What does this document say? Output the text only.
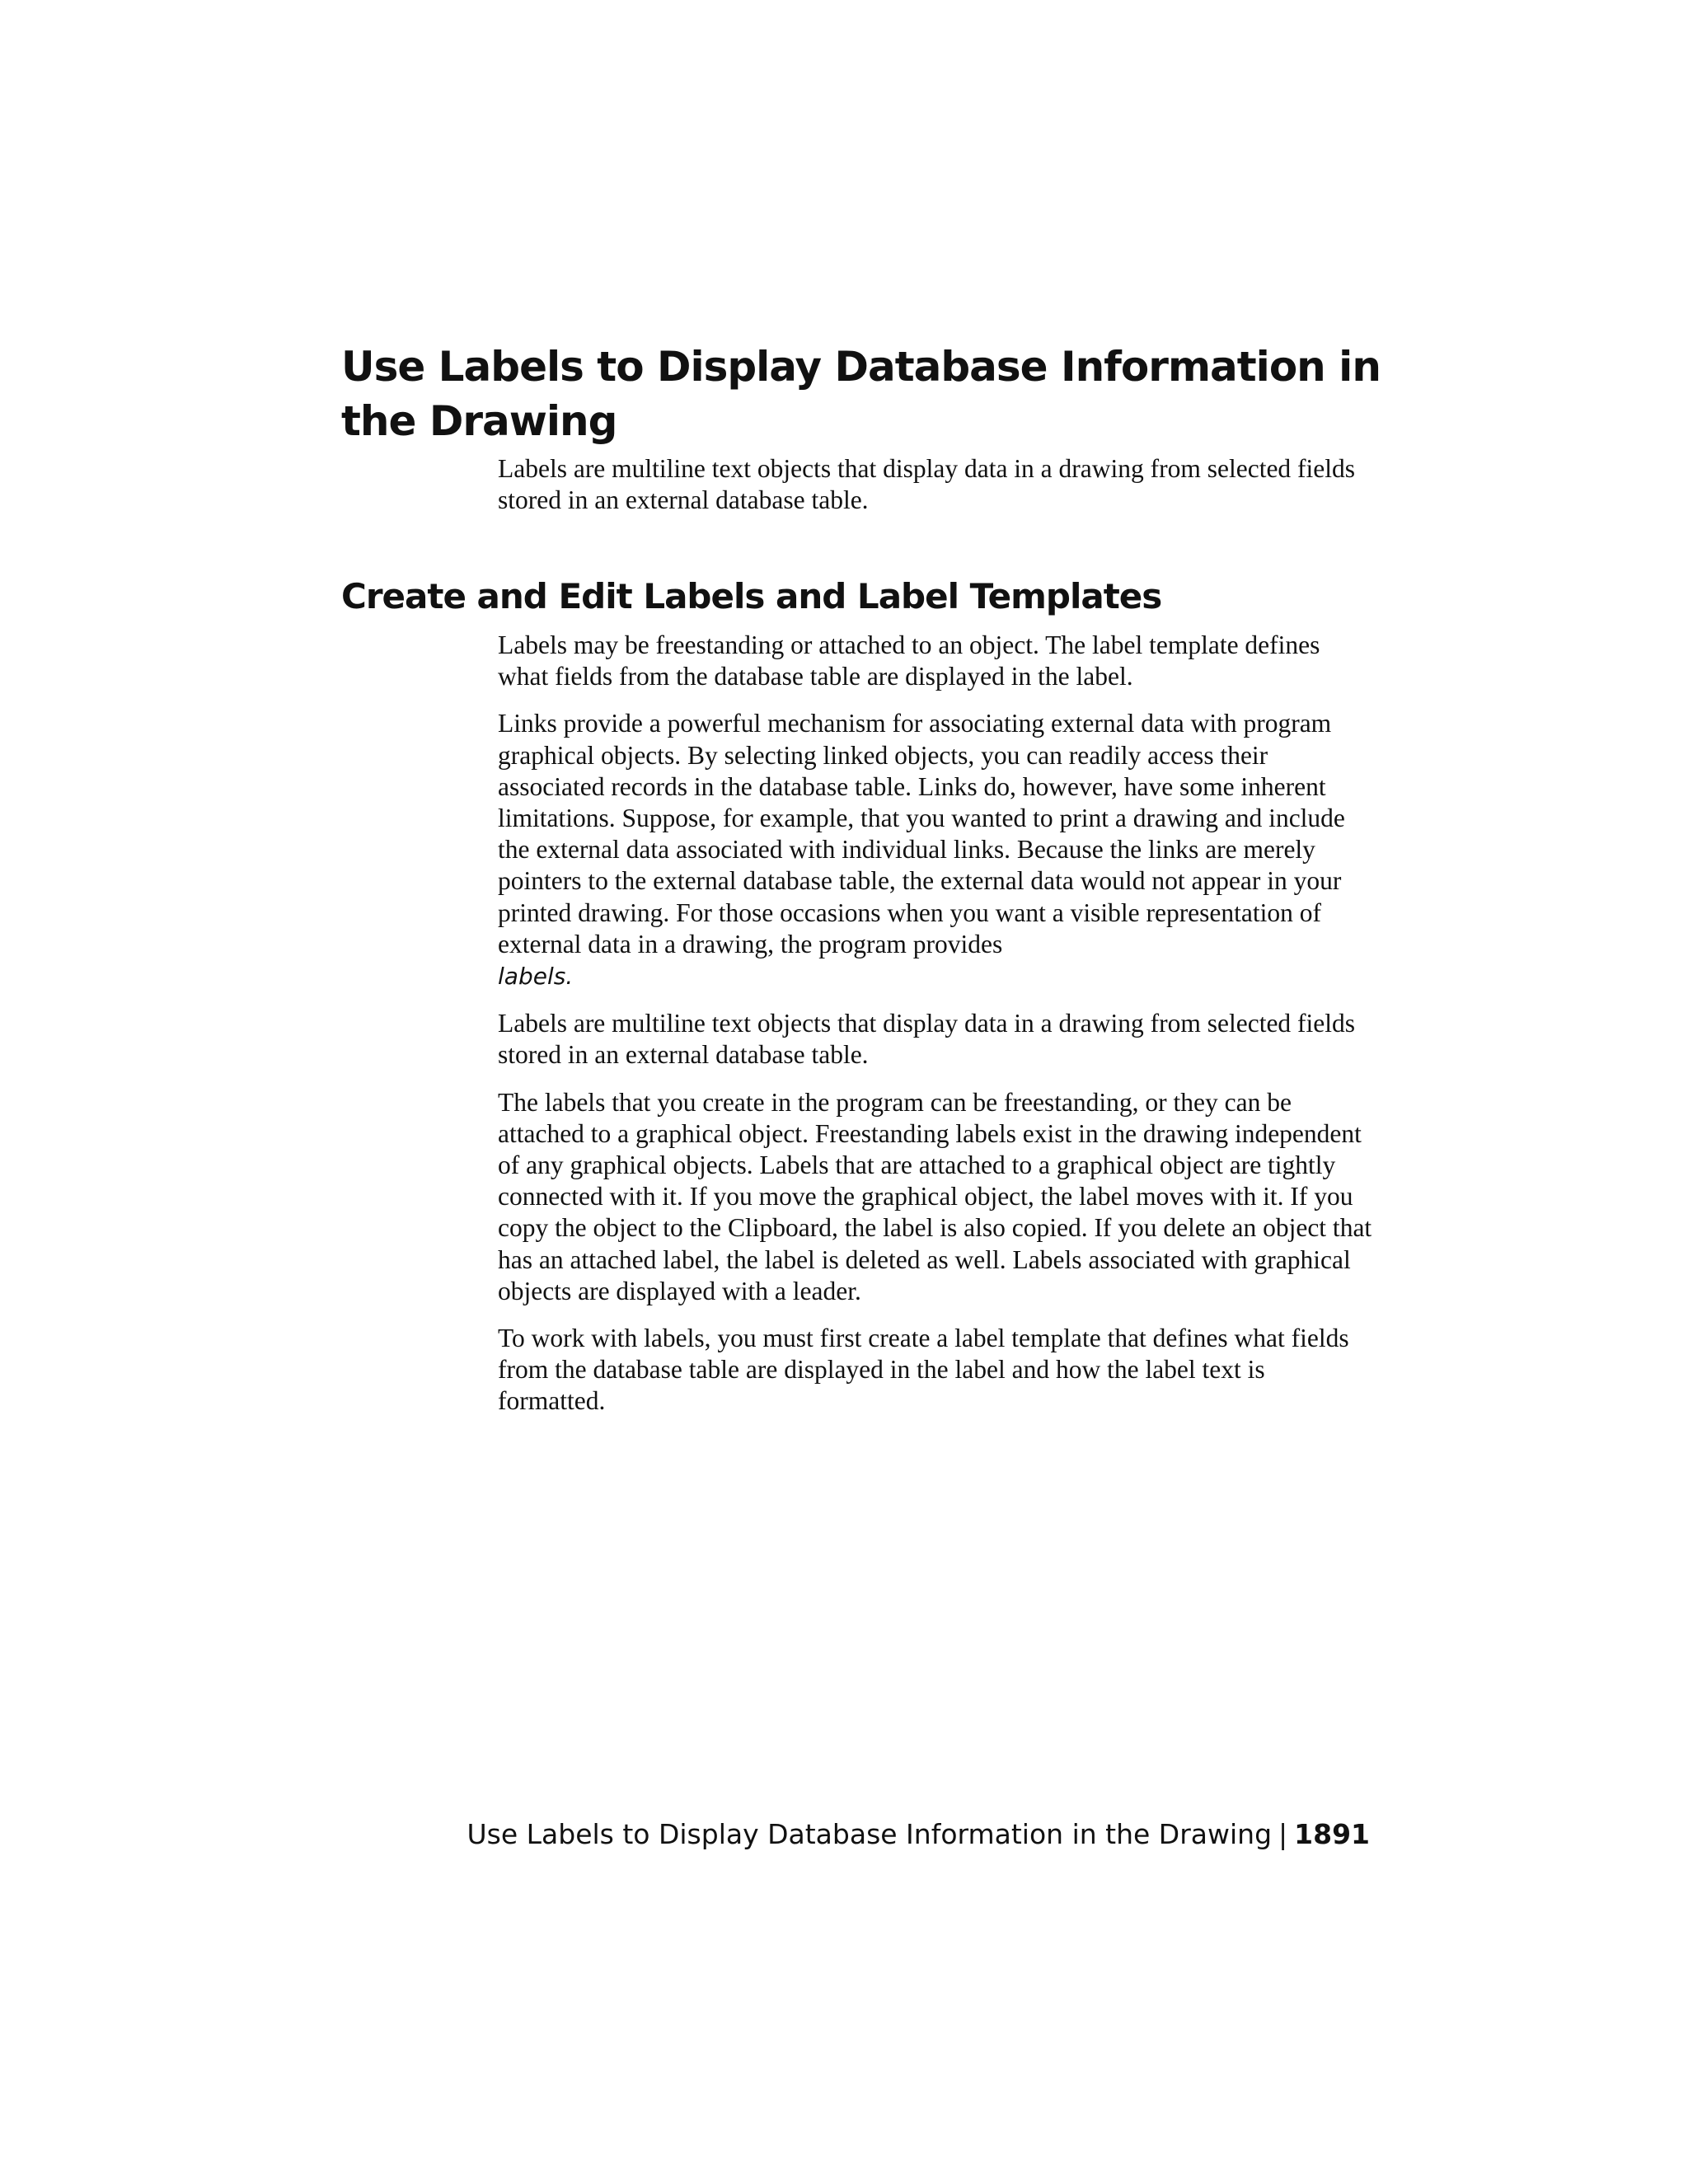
Use Labels to Display Database Information in the Drawing

Labels are multiline text objects that display data in a drawing from selected fields stored in an external database table.

Create and Edit Labels and Label Templates

Labels may be freestanding or attached to an object. The label template defines what fields from the database table are displayed in the label.

Links provide a powerful mechanism for associating external data with program graphical objects. By selecting linked objects, you can readily access their associated records in the database table. Links do, however, have some inherent limitations. Suppose, for example, that you wanted to print a drawing and include the external data associated with individual links. Because the links are merely pointers to the external database table, the external data would not appear in your printed drawing. For those occasions when you want a visible representation of external data in a drawing, the program provides
labels.

Labels are multiline text objects that display data in a drawing from selected fields stored in an external database table.

The labels that you create in the program can be freestanding, or they can be attached to a graphical object. Freestanding labels exist in the drawing independent of any graphical objects. Labels that are attached to a graphical object are tightly connected with it. If you move the graphical object, the label moves with it. If you copy the object to the Clipboard, the label is also copied. If you delete an object that has an attached label, the label is deleted as well. Labels associated with graphical objects are displayed with a leader.

To work with labels, you must first create a label template that defines what fields from the database table are displayed in the label and how the label text is formatted.

Use Labels to Display Database Information in the Drawing | 1891
